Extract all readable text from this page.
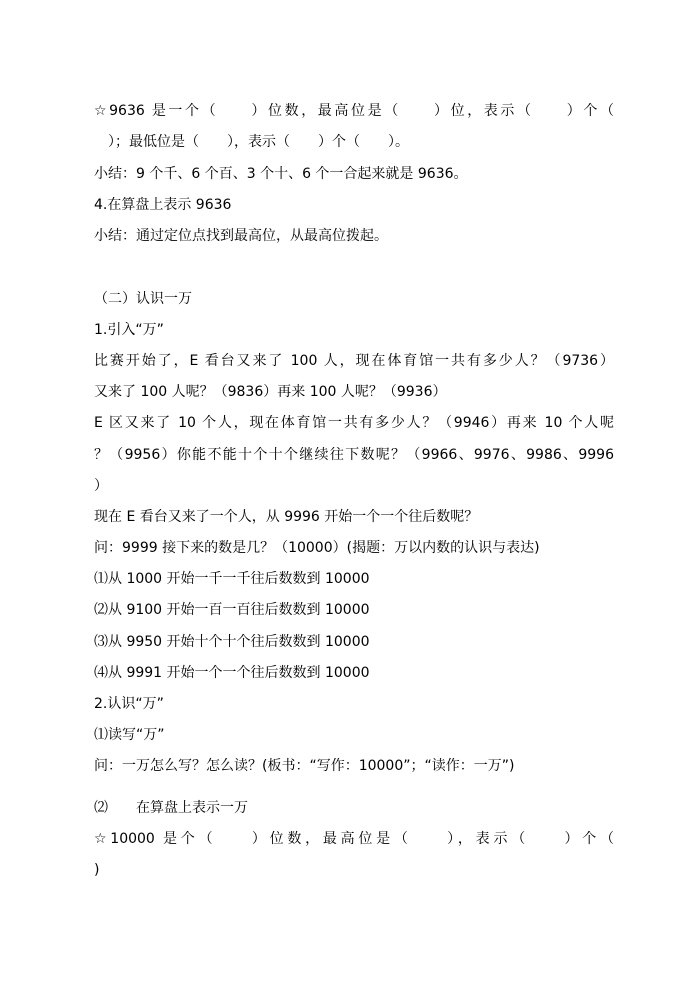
☆9636 是一个（　　）位数，最高位是（　　）位，表示（　　）个（
　）；最低位是（　　），表示（　　）个（　　）。
小结：9 个千、6 个百、3 个十、6 个一合起来就是 9636。
4.在算盘上表示 9636
小结：通过定位点找到最高位，从最高位拨起。
（二）认识一万
1.引入“万”
比赛开始了，E 看台又来了 100 人，现在体育馆一共有多少人？（9736）
又来了 100 人呢？（9836）再来 100 人呢？（9936）
E 区又来了 10 个人，现在体育馆一共有多少人？（9946）再来 10 个人呢
？（9956）你能不能十个十个继续往下数呢？（9966、9976、9986、9996
）
现在 E 看台又来了一个人，从 9996 开始一个一个往后数呢？
问：9999 接下来的数是几？（10000）(揭题：万以内数的认识与表达)
⑴从 1000 开始一千一千往后数数到 10000
⑵从 9100 开始一百一百往后数数到 10000
⑶从 9950 开始十个十个往后数数到 10000
⑷从 9991 开始一个一个往后数数到 10000
2.认识“万”
⑴读写“万”
问：一万怎么写？怎么读？(板书：“写作：10000”；“读作：一万”)
⑵　　在算盘上表示一万
☆10000 是个（　　）位数，最高位是（　　），表示（　　）个（
)
